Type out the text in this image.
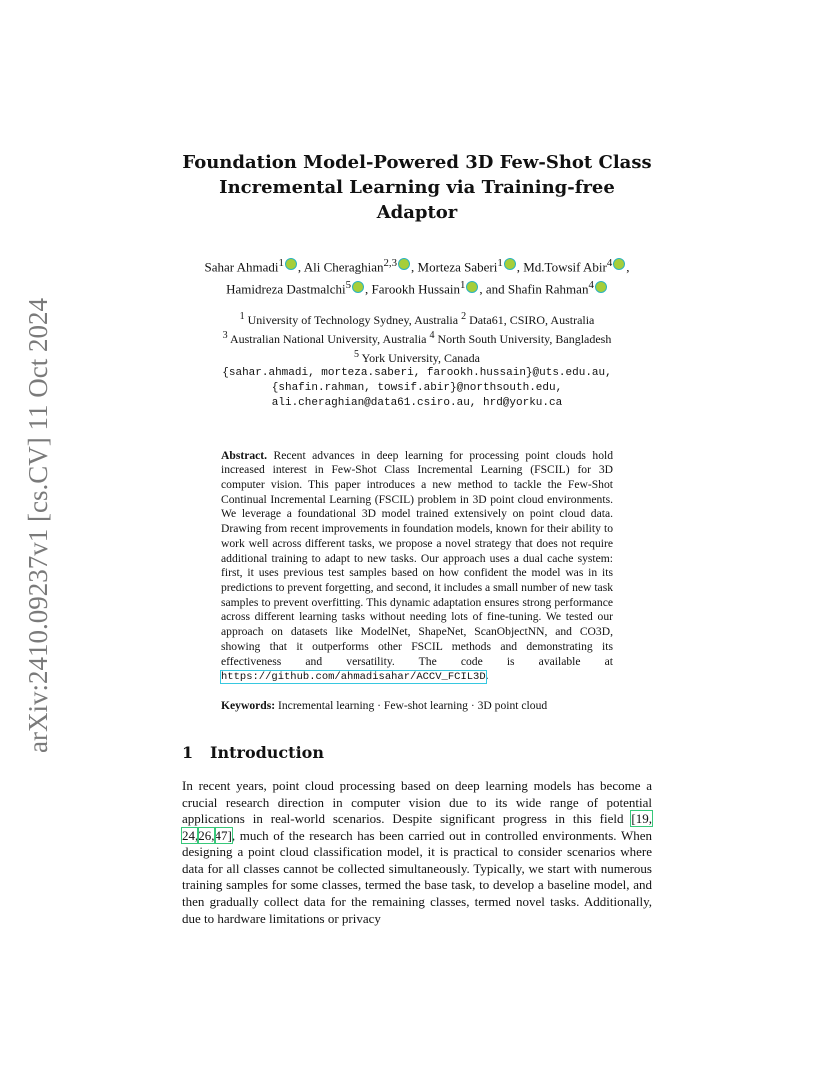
arXiv:2410.09237v1 [cs.CV] 11 Oct 2024
Foundation Model-Powered 3D Few-Shot Class
Incremental Learning via Training-free Adaptor
Sahar Ahmadi$^1$ , Ali Cheraghian$^{2,3}$ , Morteza Saberi$^1$ , Md.Towsif Abir$^4$ ,
Hamidreza Dastmalchi$^5$ , Farookh Hussain$^1$ , and Shafin Rahman$^4$
$^1$ University of Technology Sydney, Australia $^2$ Data61, CSIRO, Australia
$^3$ Australian National University, Australia $^4$ North South University, Bangladesh
$^5$ York University, Canada
{sahar.ahmadi, morteza.saberi, farookh.hussain}@uts.edu.au,
{shafin.rahman, towsif.abir}@northsouth.edu,
ali.cheraghian@data61.csiro.au, hrd@yorku.ca
Abstract. Recent advances in deep learning for processing point clouds hold increased interest in Few-Shot Class Incremental Learning (FSCIL) for 3D computer vision. This paper introduces a new method to tackle the Few-Shot Continual Incremental Learning (FSCIL) problem in 3D point cloud environments. We leverage a foundational 3D model trained extensively on point cloud data. Drawing from recent improvements in foundation models, known for their ability to work well across different tasks, we propose a novel strategy that does not require additional training to adapt to new tasks. Our approach uses a dual cache system: first, it uses previous test samples based on how confident the model was in its predictions to prevent forgetting, and second, it includes a small number of new task samples to prevent overfitting. This dynamic adaptation ensures strong performance across different learning tasks without needing lots of fine-tuning. We tested our approach on datasets like ModelNet, ShapeNet, ScanObjectNN, and CO3D, showing that it outperforms other FSCIL methods and demonstrating its effectiveness and versatility. The code is available at https://github.com/ahmadisahar/ACCV_FCIL3D.
Keywords: Incremental learning · Few-shot learning · 3D point cloud
1 Introduction
In recent years, point cloud processing based on deep learning models has become a crucial research direction in computer vision due to its wide range of potential applications in real-world scenarios. Despite significant progress in this field [19, 24,26,47], much of the research has been carried out in controlled environments. When designing a point cloud classification model, it is practical to consider scenarios where data for all classes cannot be collected simultaneously. Typically, we start with numerous training samples for some classes, termed the base task, to develop a baseline model, and then gradually collect data for the remaining classes, termed novel tasks. Additionally, due to hardware limitations or privacy
